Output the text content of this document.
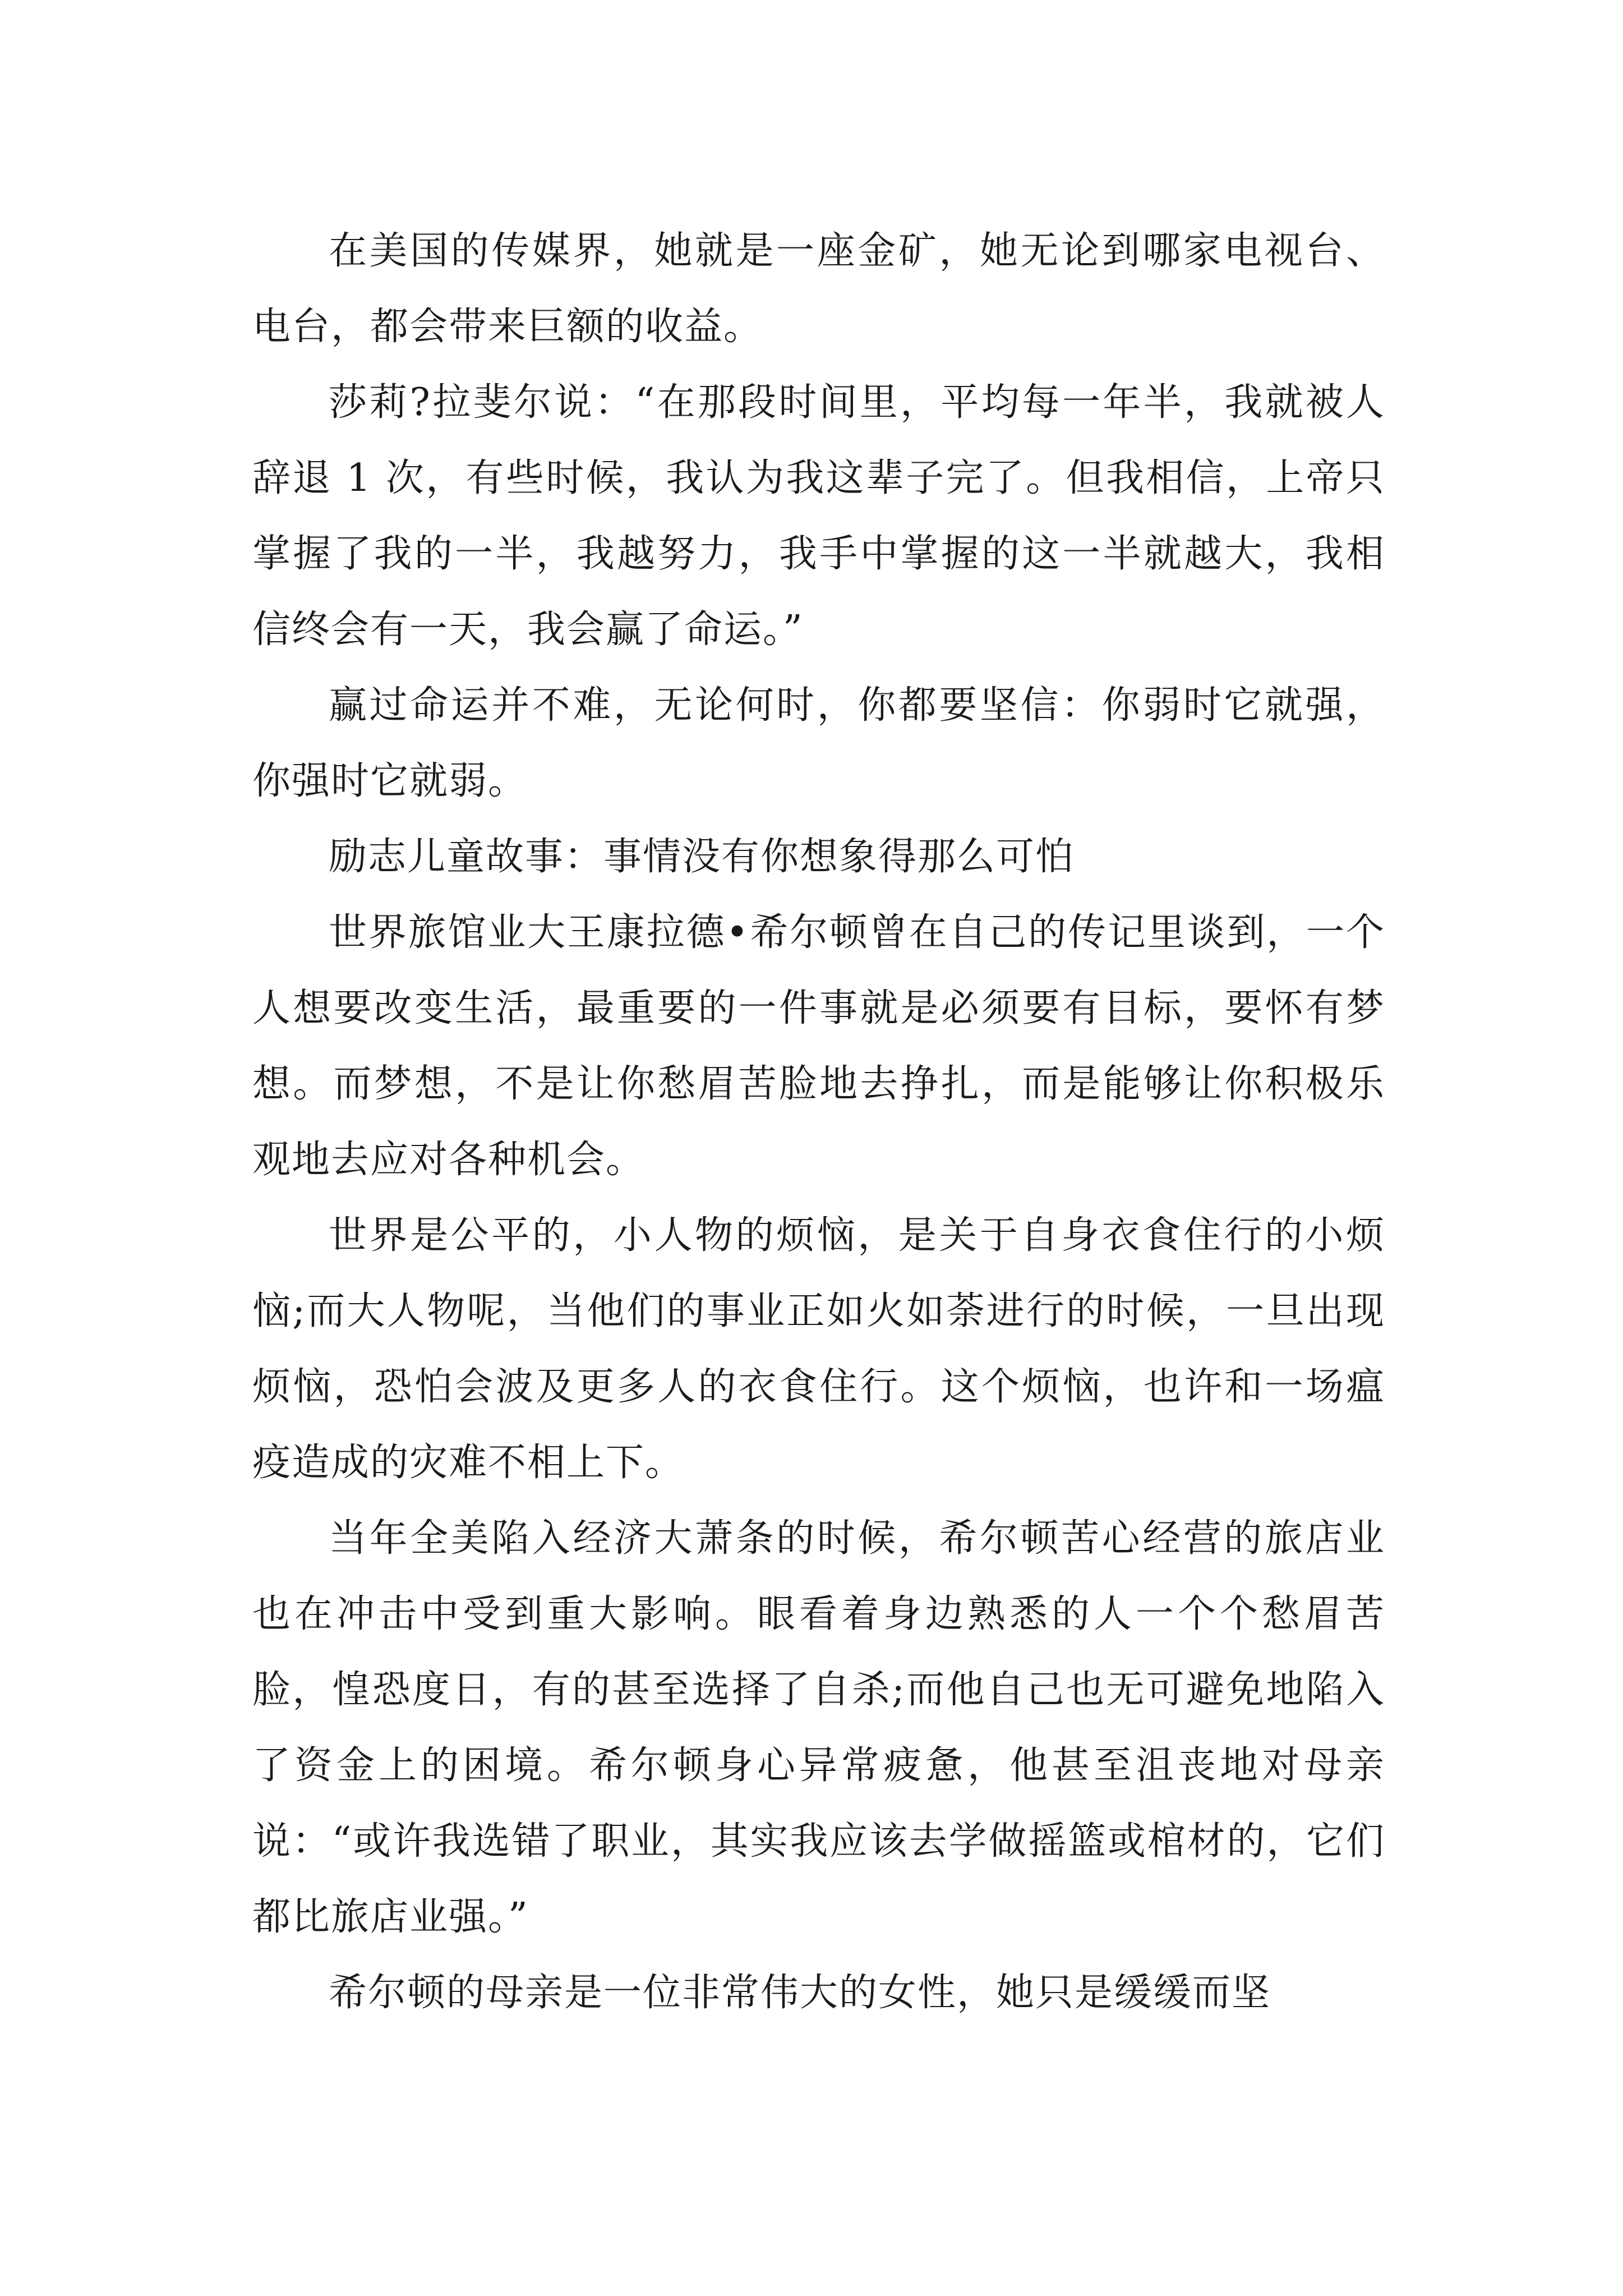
在美国的传媒界，她就是一座金矿，她无论到哪家电视台、电台，都会带来巨额的收益。

莎莉?拉斐尔说：“在那段时间里，平均每一年半，我就被人辞退 1 次，有些时候，我认为我这辈子完了。但我相信，上帝只掌握了我的一半，我越努力，我手中掌握的这一半就越大，我相信终会有一天，我会赢了命运。”

赢过命运并不难，无论何时，你都要坚信：你弱时它就强，你强时它就弱。

励志儿童故事：事情没有你想象得那么可怕

世界旅馆业大王康拉德•希尔顿曾在自己的传记里谈到，一个人想要改变生活，最重要的一件事就是必须要有目标，要怀有梦想。而梦想，不是让你愁眉苦脸地去挣扎，而是能够让你积极乐观地去应对各种机会。

世界是公平的，小人物的烦恼，是关于自身衣食住行的小烦恼;而大人物呢，当他们的事业正如火如荼进行的时候，一旦出现烦恼，恐怕会波及更多人的衣食住行。这个烦恼，也许和一场瘟疫造成的灾难不相上下。

当年全美陷入经济大萧条的时候，希尔顿苦心经营的旅店业也在冲击中受到重大影响。眼看着身边熟悉的人一个个愁眉苦脸，惶恐度日，有的甚至选择了自杀;而他自己也无可避免地陷入了资金上的困境。希尔顿身心异常疲惫，他甚至沮丧地对母亲说：“或许我选错了职业，其实我应该去学做摇篮或棺材的，它们都比旅店业强。”

希尔顿的母亲是一位非常伟大的女性，她只是缓缓而坚
